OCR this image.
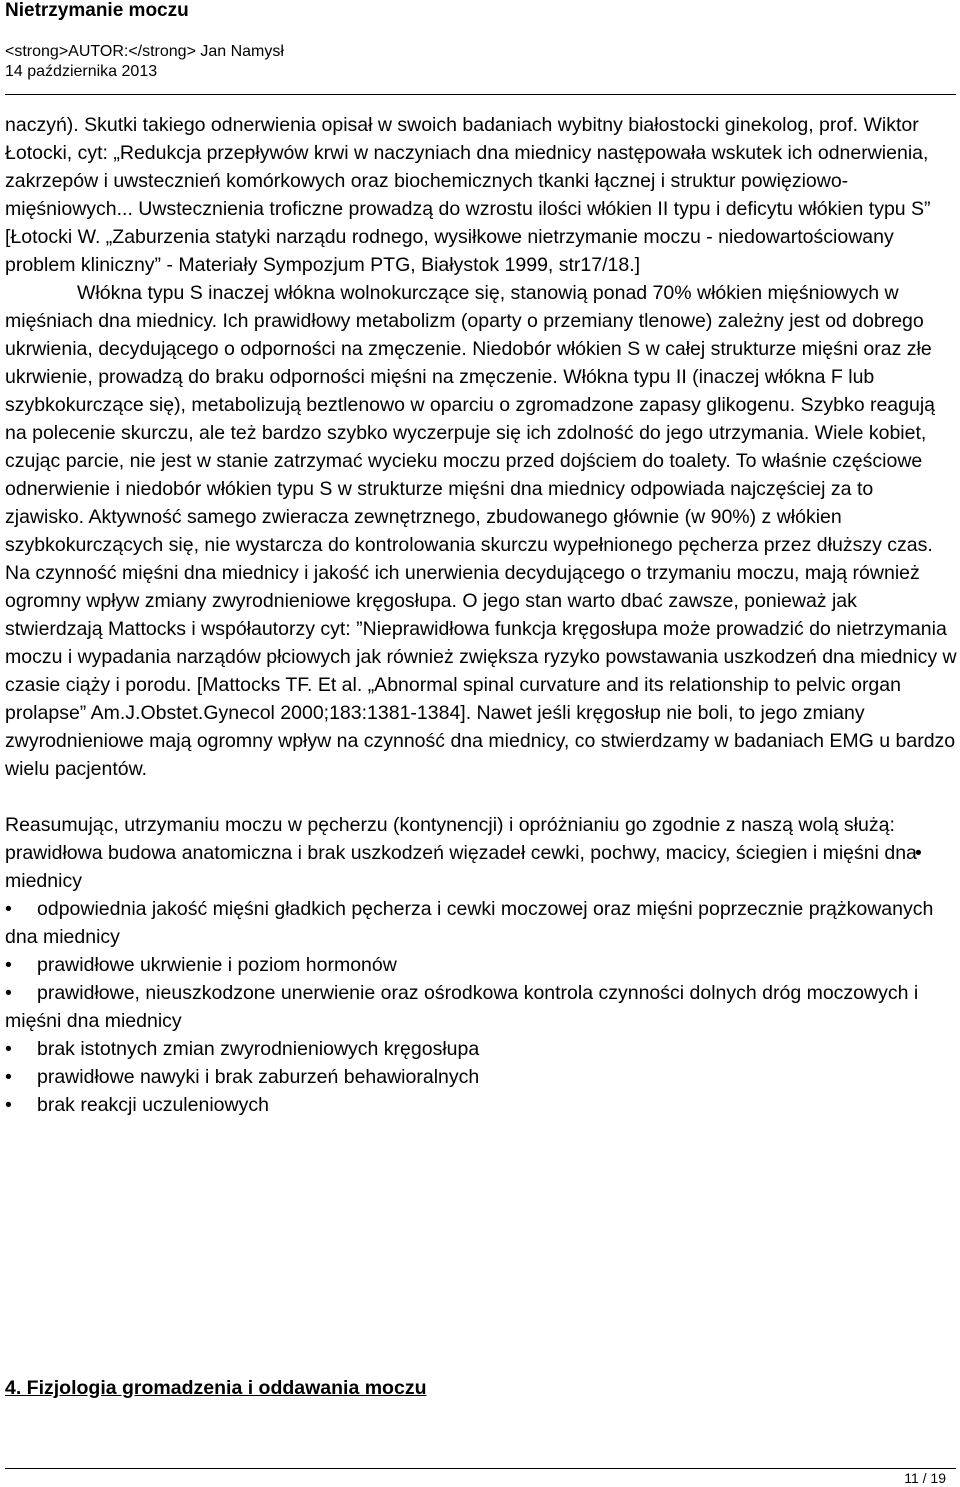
Nietrzymanie moczu
<strong>AUTOR:</strong> Jan Namysł
14 października 2013

naczyń). Skutki takiego odnerwienia opisał w swoich badaniach wybitny białostocki ginekolog, prof. Wiktor Łotocki, cyt: „Redukcja przepływów krwi w naczyniach dna miednicy następowała wskutek ich odnerwienia, zakrzepów i uwstecznień komórkowych oraz biochemicznych tkanki łącznej i struktur powięziowo-mięśniowych... Uwstecznienia troficzne prowadzą do wzrostu ilości włókien II typu i deficytu włókien typu S” [Łotocki W. „Zaburzenia statyki narządu rodnego, wysiłkowe nietrzymanie moczu - niedowartościowany problem kliniczny” - Materiały Sympozjum PTG, Białystok 1999, str17/18.]

Włókna typu S inaczej włókna wolnokurczące się, stanowią ponad 70% włókien mięśniowych w mięśniach dna miednicy. Ich prawidłowy metabolizm (oparty o przemiany tlenowe) zależny jest od dobrego ukrwienia, decydującego o odporności na zmęczenie. Niedobór włókien S w całej strukturze mięśni oraz złe ukrwienie, prowadzą do braku odporności mięśni na zmęczenie. Włókna typu II (inaczej włókna F lub szybkokurczące się), metabolizują beztlenowo w oparciu o zgromadzone zapasy glikogenu. Szybko reagują na polecenie skurczu, ale też bardzo szybko wyczerpuje się ich zdolność do jego utrzymania. Wiele kobiet, czując parcie, nie jest w stanie zatrzymać wycieku moczu przed dojściem do toalety. To właśnie częściowe odnerwienie i niedobór włókien typu S w strukturze mięśni dna miednicy odpowiada najczęściej za to zjawisko. Aktywność samego zwieracza zewnętrznego, zbudowanego głównie (w 90%) z włókien szybkokurczących się, nie wystarcza do kontrolowania skurczu wypełnionego pęcherza przez dłuższy czas. Na czynność mięśni dna miednicy i jakość ich unerwienia decydującego o trzymaniu moczu, mają również ogromny wpływ zmiany zwyrodnieniowe kręgosłupa. O jego stan warto dbać zawsze, ponieważ jak stwierdzają Mattocks i współautorzy cyt: ”Nieprawidłowa funkcja kręgosłupa może prowadzić do nietrzymania moczu i wypadania narządów płciowych jak również zwiększa ryzyko powstawania uszkodzeń dna miednicy w czasie ciąży i porodu. [Mattocks TF. Et al. „Abnormal spinal curvature and its relationship to pelvic organ prolapse” Am.J.Obstet.Gynecol 2000;183:1381-1384]. Nawet jeśli kręgosłup nie boli, to jego zmiany zwyrodnieniowe mają ogromny wpływ na czynność dna miednicy, co stwierdzamy w badaniach EMG u bardzo wielu pacjentów.

Reasumując, utrzymaniu moczu w pęcherzu (kontynencji) i opróżnianiu go zgodnie z naszą wolą służą:
•

prawidłowa budowa anatomiczna i brak uszkodzeń więzadeł cewki, pochwy, macicy, ściegien i mięśni dna miednicy

• odpowiednia jakość mięśni gładkich pęcherza i cewki moczowej oraz mięśni poprzecznie prążkowanych dna miednicy
• prawidłowe ukrwienie i poziom hormonów
• prawidłowe, nieuszkodzone unerwienie oraz ośrodkowa kontrola czynności dolnych dróg moczowych i mięśni dna miednicy
• brak istotnych zmian zwyrodnieniowych kręgosłupa
• prawidłowe nawyki i brak zaburzeń behawioralnych
• brak reakcji uczuleniowych
4. Fizjologia gromadzenia i oddawania moczu
11 / 19
